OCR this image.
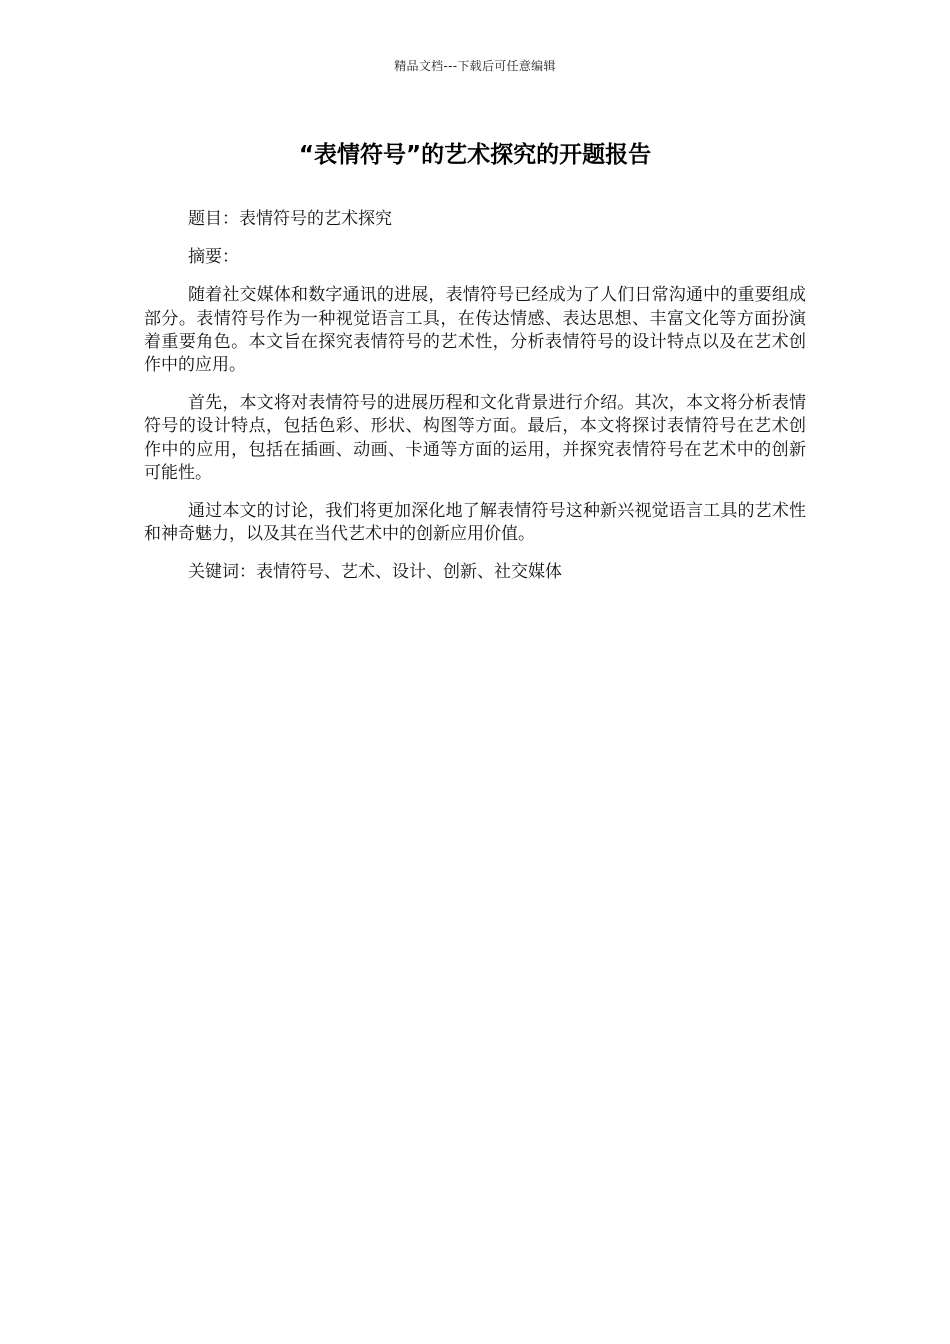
精品文档---下载后可任意编辑
“表情符号”的艺术探究的开题报告

题目：表情符号的艺术探究

摘要：

随着社交媒体和数字通讯的进展，表情符号已经成为了人们日常沟通中的重要组成部分。表情符号作为一种视觉语言工具，在传达情感、表达思想、丰富文化等方面扮演着重要角色。本文旨在探究表情符号的艺术性，分析表情符号的设计特点以及在艺术创作中的应用。

首先，本文将对表情符号的进展历程和文化背景进行介绍。其次，本文将分析表情符号的设计特点，包括色彩、形状、构图等方面。最后，本文将探讨表情符号在艺术创作中的应用，包括在插画、动画、卡通等方面的运用，并探究表情符号在艺术中的创新可能性。

通过本文的讨论，我们将更加深化地了解表情符号这种新兴视觉语言工具的艺术性和神奇魅力，以及其在当代艺术中的创新应用价值。

关键词：表情符号、艺术、设计、创新、社交媒体
